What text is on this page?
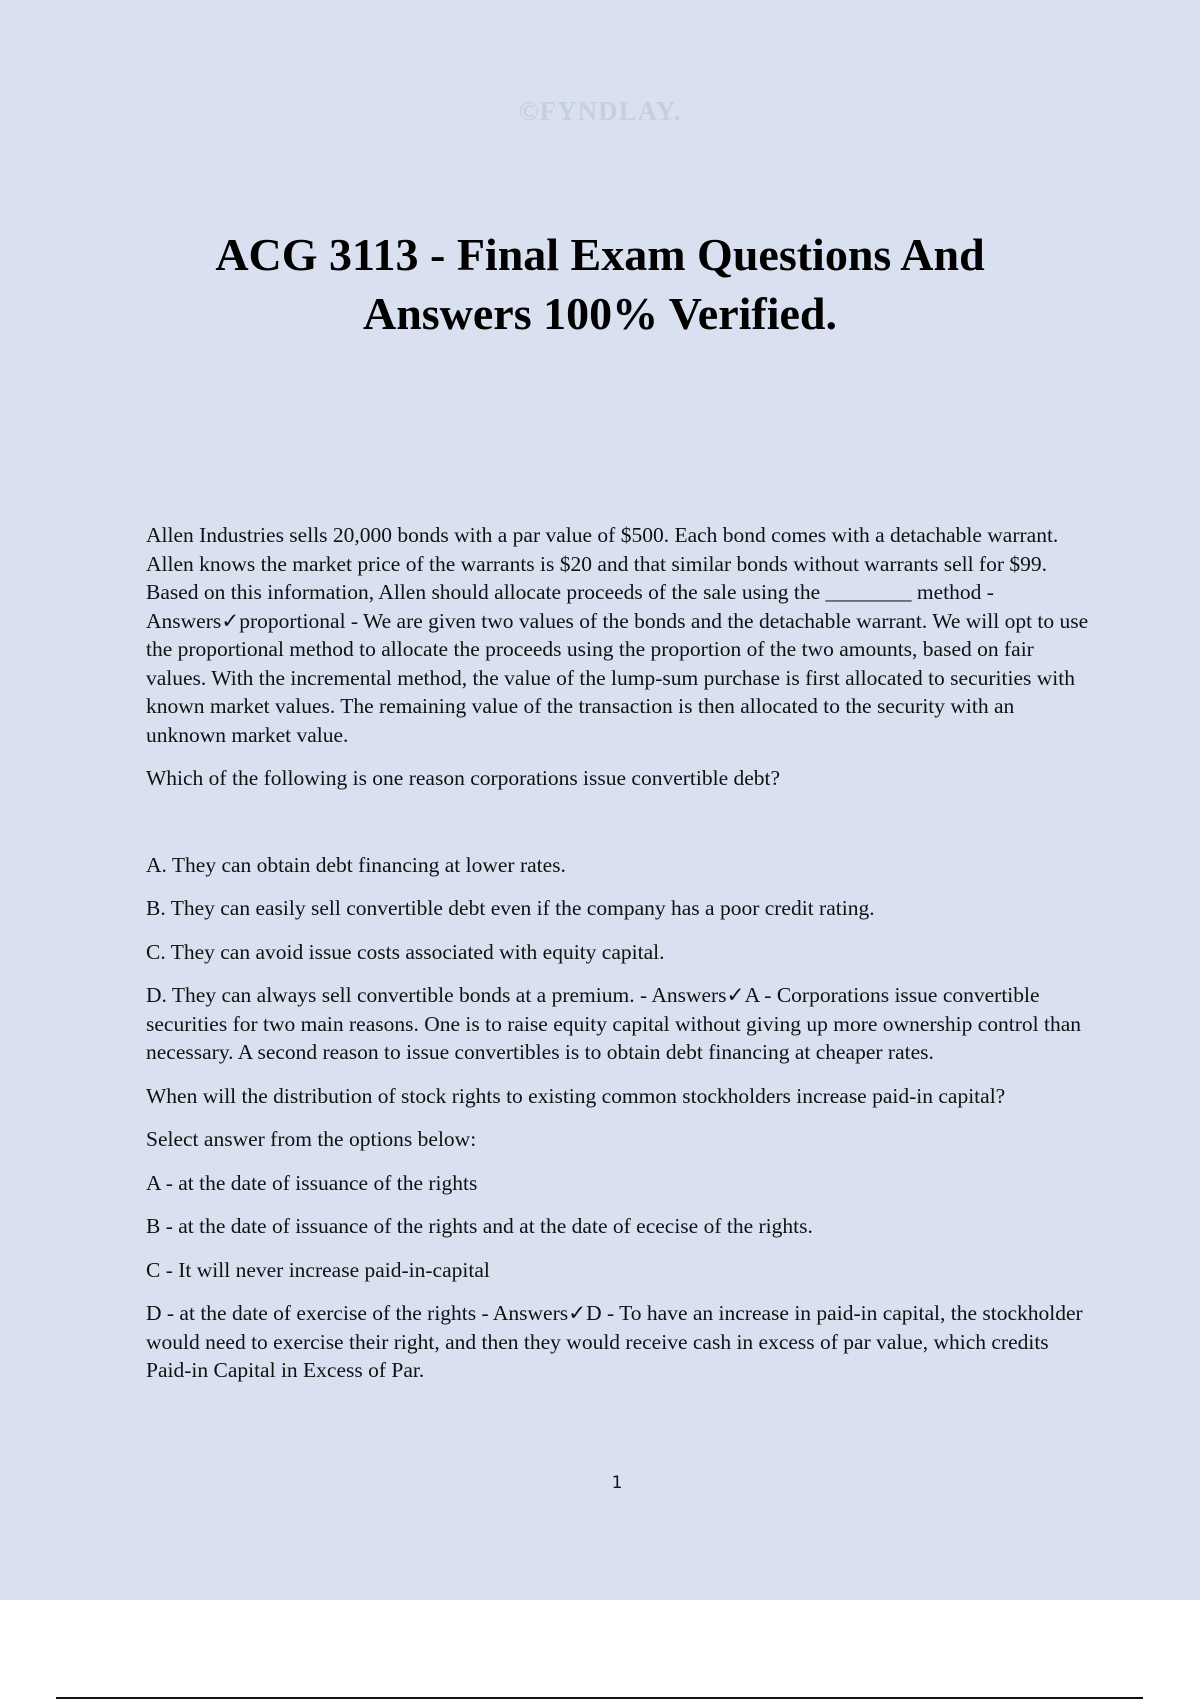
©FYNDLAY.
ACG 3113 - Final Exam Questions And Answers 100% Verified.

Allen Industries sells 20,000 bonds with a par value of $500. Each bond comes with a detachable warrant. Allen knows the market price of the warrants is $20 and that similar bonds without warrants sell for $99. Based on this information, Allen should allocate proceeds of the sale using the ________ method - Answers✓proportional - We are given two values of the bonds and the detachable warrant. We will opt to use the proportional method to allocate the proceeds using the proportion of the two amounts, based on fair values. With the incremental method, the value of the lump-sum purchase is first allocated to securities with known market values. The remaining value of the transaction is then allocated to the security with an unknown market value.

Which of the following is one reason corporations issue convertible debt?

A. They can obtain debt financing at lower rates.

B. They can easily sell convertible debt even if the company has a poor credit rating.

C. They can avoid issue costs associated with equity capital.

D. They can always sell convertible bonds at a premium. - Answers✓A - Corporations issue convertible securities for two main reasons. One is to raise equity capital without giving up more ownership control than necessary. A second reason to issue convertibles is to obtain debt financing at cheaper rates.

When will the distribution of stock rights to existing common stockholders increase paid-in capital?

Select answer from the options below:

A - at the date of issuance of the rights

B - at the date of issuance of the rights and at the date of ececise of the rights.

C - It will never increase paid-in-capital

D - at the date of exercise of the rights - Answers✓D - To have an increase in paid-in capital, the stockholder would need to exercise their right, and then they would receive cash in excess of par value, which credits Paid-in Capital in Excess of Par.

1
